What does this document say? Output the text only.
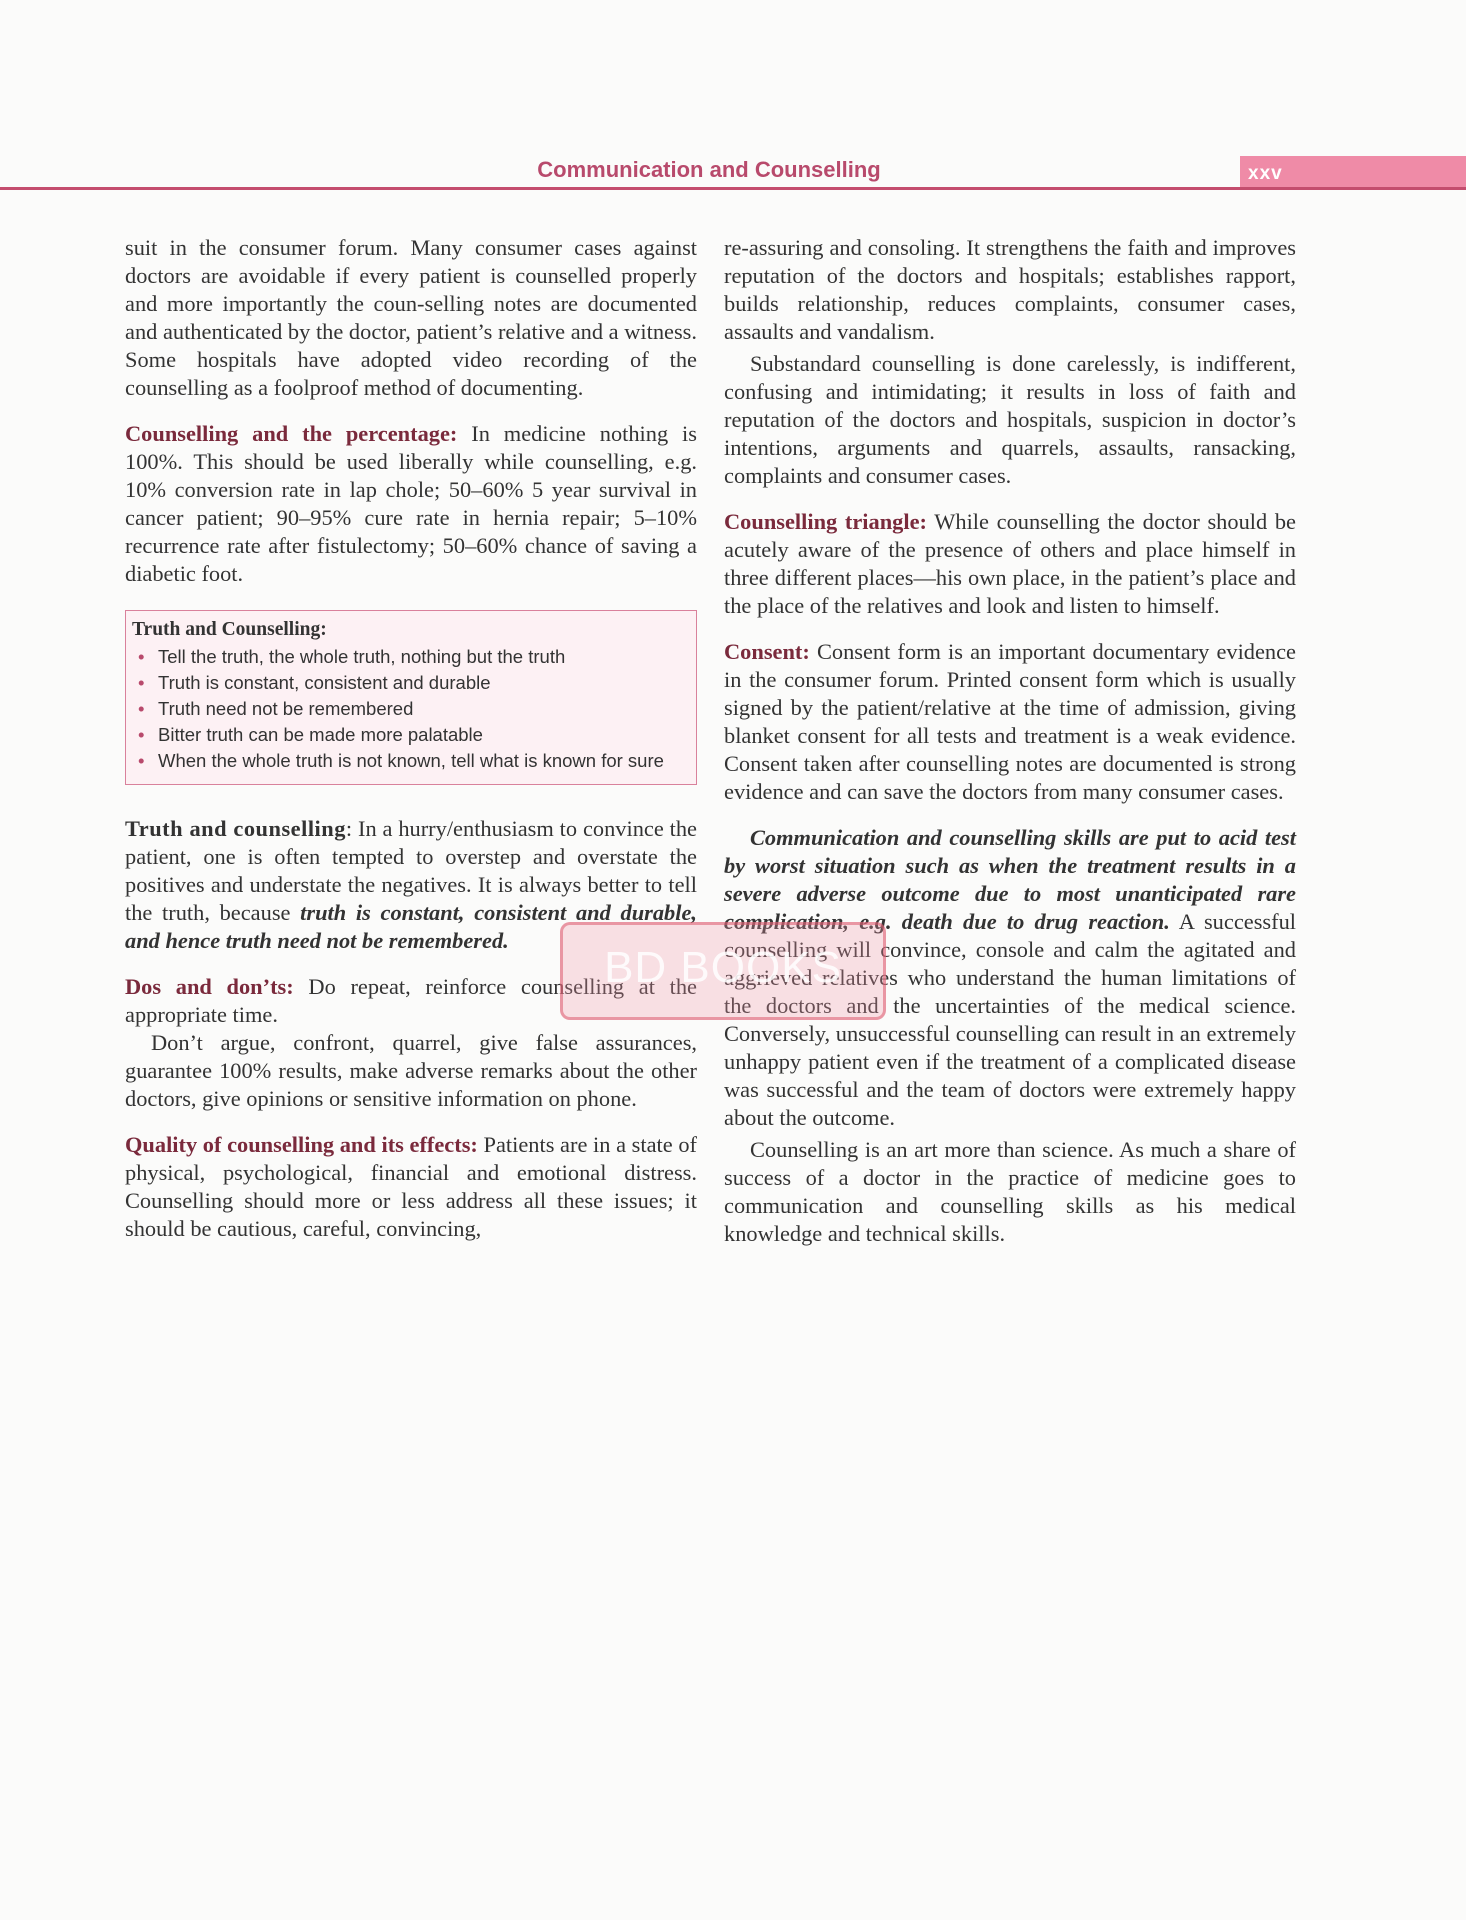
Communication and Counselling	xxv

suit in the consumer forum. Many consumer cases against doctors are avoidable if every patient is counselled properly and more importantly the coun-selling notes are documented and authenticated by the doctor, patient’s relative and a witness. Some hospitals have adopted video recording of the counselling as a foolproof method of documenting.

Counselling and the percentage: In medicine nothing is 100%. This should be used liberally while counselling, e.g. 10% conversion rate in lap chole; 50–60% 5 year survival in cancer patient; 90–95% cure rate in hernia repair; 5–10% recurrence rate after fistulectomy; 50–60% chance of saving a diabetic foot.

Truth and Counselling:
• Tell the truth, the whole truth, nothing but the truth
• Truth is constant, consistent and durable
• Truth need not be remembered
• Bitter truth can be made more palatable
• When the whole truth is not known, tell what is known for sure

Truth and counselling: In a hurry/enthusiasm to convince the patient, one is often tempted to overstep and overstate the positives and understate the negatives. It is always better to tell the truth, because truth is constant, consistent and durable, and hence truth need not be remembered.

Dos and don’ts: Do repeat, reinforce counselling at the appropriate time.

Don’t argue, confront, quarrel, give false assurances, guarantee 100% results, make adverse remarks about the other doctors, give opinions or sensitive information on phone.

Quality of counselling and its effects: Patients are in a state of physical, psychological, financial and emotional distress. Counselling should more or less address all these issues; it should be cautious, careful, convincing,

re-assuring and consoling. It strengthens the faith and improves reputation of the doctors and hospitals; establishes rapport, builds relationship, reduces complaints, consumer cases, assaults and vandalism.

Substandard counselling is done carelessly, is indifferent, confusing and intimidating; it results in loss of faith and reputation of the doctors and hospitals, suspicion in doctor’s intentions, arguments and quarrels, assaults, ransacking, complaints and consumer cases.

Counselling triangle: While counselling the doctor should be acutely aware of the presence of others and place himself in three different places—his own place, in the patient’s place and the place of the relatives and look and listen to himself.

Consent: Consent form is an important documentary evidence in the consumer forum. Printed consent form which is usually signed by the patient/relative at the time of admission, giving blanket consent for all tests and treatment is a weak evidence. Consent taken after counselling notes are documented is strong evidence and can save the doctors from many consumer cases.

Communication and counselling skills are put to acid test by worst situation such as when the treatment results in a severe adverse outcome due to most unanticipated rare complication, e.g. death due to drug reaction. A successful counselling will convince, console and calm the agitated and aggrieved relatives who understand the human limitations of the doctors and the uncertainties of the medical science. Conversely, unsuccessful counselling can result in an extremely unhappy patient even if the treatment of a complicated disease was successful and the team of doctors were extremely happy about the outcome.

Counselling is an art more than science. As much a share of success of a doctor in the practice of medicine goes to communication and counselling skills as his medical knowledge and technical skills.

BD BOOKS
